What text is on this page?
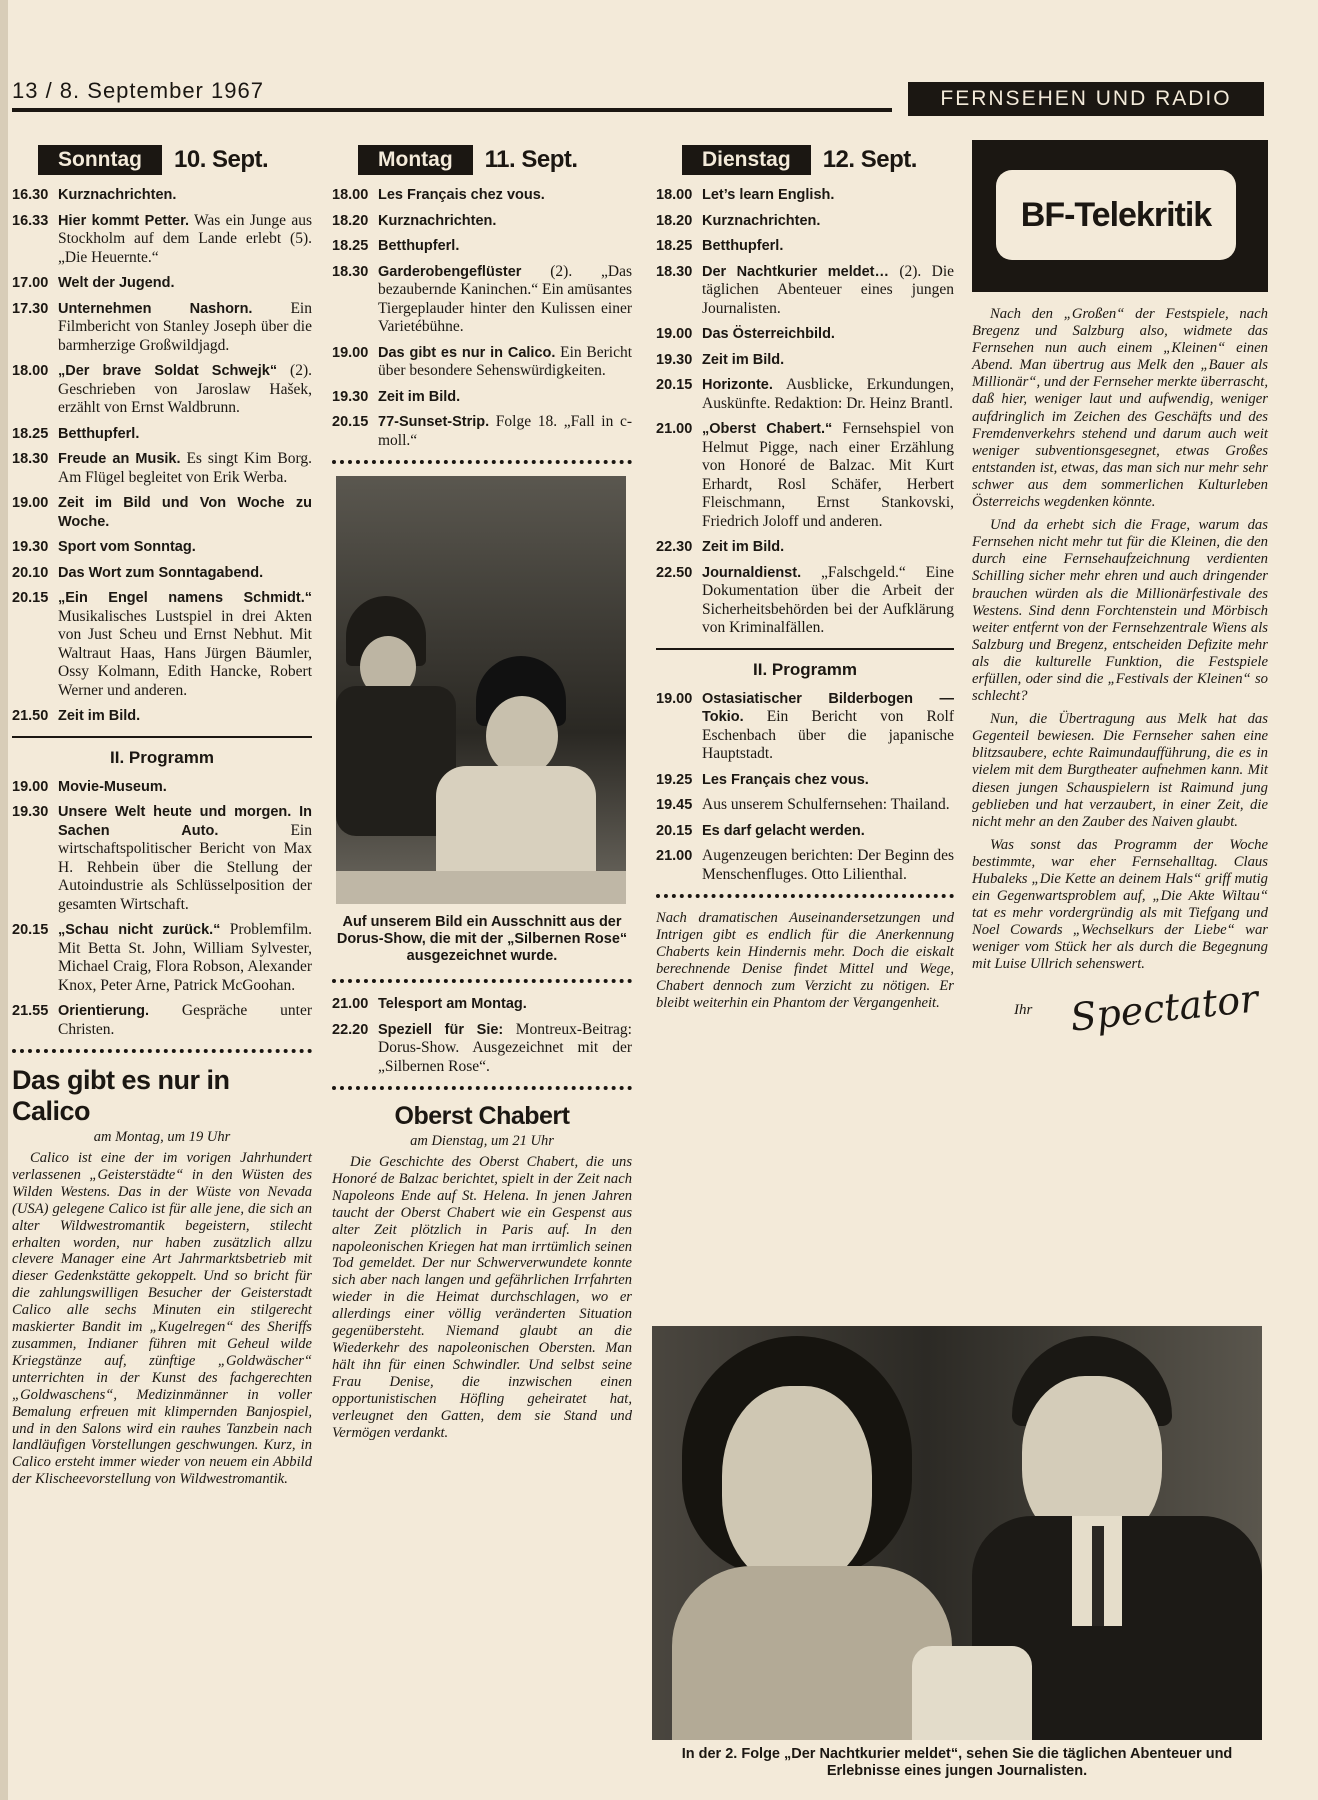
13 / 8. September 1967	FERNSEHEN UND RADIO
Sonntag	10. Sept.
16.30 Kurznachrichten.
16.33 Hier kommt Petter. Was ein Junge aus Stockholm auf dem Lande erlebt (5). „Die Heuernte.“
17.00 Welt der Jugend.
17.30 Unternehmen Nashorn. Ein Filmbericht von Stanley Joseph über die barmherzige Großwildjagd.
18.00 „Der brave Soldat Schwejk“ (2). Geschrieben von Jaroslaw Hašek, erzählt von Ernst Waldbrunn.
18.25 Betthupferl.
18.30 Freude an Musik. Es singt Kim Borg. Am Flügel begleitet von Erik Werba.
19.00 Zeit im Bild und Von Woche zu Woche.
19.30 Sport vom Sonntag.
20.10 Das Wort zum Sonntagabend.
20.15 „Ein Engel namens Schmidt.“ Musikalisches Lustspiel in drei Akten von Just Scheu und Ernst Nebhut. Mit Waltraut Haas, Hans Jürgen Bäumler, Ossy Kolmann, Edith Hancke, Robert Werner und anderen.
21.50 Zeit im Bild.
II. Programm
19.00 Movie-Museum.
19.30 Unsere Welt heute und morgen. In Sachen Auto.	Ein wirtschaftspolitischer Bericht von Max H. Rehbein über die Stellung der Autoindustrie als Schlüsselposition der gesamten Wirtschaft.
20.15 „Schau nicht zurück.“ Problemfilm. Mit Betta St. John, William Sylvester, Michael Craig, Flora Robson, Alexander Knox, Peter Arne, Patrick McGoohan.
21.55 Orientierung. Gespräche unter Christen.
Das gibt es nur in Calico
am Montag, um 19 Uhr

Calico ist eine der im vorigen Jahrhundert verlassenen „Geisterstädte“ in den Wüsten des Wilden Westens. Das in der Wüste von Nevada (USA) gelegene Calico ist für alle jene, die sich an alter Wildwestromantik begeistern, stilecht erhalten worden, nur haben zusätzlich allzu clevere Manager eine Art Jahrmarktsbetrieb mit dieser Gedenkstätte gekoppelt. Und so bricht für die zahlungswilligen Besucher der Geisterstadt Calico alle sechs Minuten ein stilgerecht maskierter Bandit im „Kugelregen“ des Sheriffs zusammen, Indianer führen mit Geheul wilde Kriegstänze auf, zünftige „Goldwäscher“ unterrichten in der Kunst des fachgerechten „Goldwaschens“, Medizinmänner in voller Bemalung erfreuen mit klimpernden Banjospiel, und in den Salons wird ein rauhes Tanzbein nach landläufigen Vorstellungen geschwungen. Kurz, in Calico ersteht immer wieder von neuem ein Abbild der Klischeevorstellung von Wildwestromantik.

Montag	11. Sept.
18.00 Les Français chez vous.
18.20 Kurznachrichten.
18.25 Betthupferl.
18.30 Garderobengeflüster (2). „Das bezaubernde Kaninchen.“ Ein amüsantes Tiergeplauder hinter den Kulissen einer Varietébühne.
19.00 Das gibt es nur in Calico. Ein Bericht über besondere Sehenswürdigkeiten.
19.30 Zeit im Bild.
20.15 77-Sunset-Strip. Folge 18. „Fall in c-moll.“
Auf unserem Bild ein Ausschnitt aus der Dorus-Show, die mit der „Silbernen Rose“ ausgezeichnet wurde.
21.00 Telesport am Montag.
22.20 Speziell für Sie: Montreux-Beitrag: Dorus-Show. Ausgezeichnet mit der „Silbernen Rose“.
Oberst Chabert
am Dienstag, um 21 Uhr

Die Geschichte des Oberst Chabert, die uns Honoré de Balzac berichtet, spielt in der Zeit nach Napoleons Ende auf St. Helena. In jenen Jahren taucht der Oberst Chabert wie ein Gespenst aus alter Zeit plötzlich in Paris auf. In den napoleonischen Kriegen hat man irrtümlich seinen Tod gemeldet. Der nur Schwerverwundete konnte sich aber nach langen und gefährlichen Irrfahrten wieder in die Heimat durchschlagen, wo er allerdings einer völlig veränderten Situation gegenübersteht. Niemand glaubt an die Wiederkehr des napoleonischen Obersten. Man hält ihn für einen Schwindler. Und selbst seine Frau Denise, die inzwischen einen opportunistischen Höfling geheiratet hat, verleugnet den Gatten, dem sie Stand und Vermögen verdankt.

Dienstag	12. Sept.
18.00 Let’s learn English.
18.20 Kurznachrichten.
18.25 Betthupferl.
18.30 Der Nachtkurier meldet… (2). Die täglichen Abenteuer eines jungen Journalisten.
19.00 Das Österreichbild.
19.30 Zeit im Bild.
20.15 Horizonte. Ausblicke, Erkundungen, Auskünfte. Redaktion: Dr. Heinz Brantl.
21.00 „Oberst Chabert.“ Fernsehspiel von Helmut Pigge, nach einer Erzählung von Honoré de Balzac. Mit Kurt Erhardt, Rosl Schäfer, Herbert Fleischmann, Ernst Stankovski, Friedrich Joloff und anderen.
22.30 Zeit im Bild.
22.50 Journaldienst. „Falschgeld.“ Eine Dokumentation über die Arbeit der Sicherheitsbehörden bei der Aufklärung von Kriminalfällen.
II. Programm
19.00 Ostasiatischer Bilderbogen — Tokio. Ein Bericht von Rolf Eschenbach über die japanische Hauptstadt.
19.25 Les Français chez vous.
19.45 Aus unserem Schulfernsehen: Thailand.
20.15 Es darf gelacht werden.
21.00 Augenzeugen berichten: Der Beginn des Menschenfluges. Otto Lilienthal.

Nach dramatischen Auseinandersetzungen und Intrigen gibt es endlich für die Anerkennung Chaberts kein Hindernis mehr. Doch die eiskalt berechnende Denise findet Mittel und Wege, Chabert dennoch zum Verzicht zu nötigen. Er bleibt weiterhin ein Phantom der Vergangenheit.

BF-Telekritik

Nach den „Großen“ der Festspiele, nach Bregenz und Salzburg also, widmete das Fernsehen nun auch einem „Kleinen“ einen Abend. Man übertrug aus Melk den „Bauer als Millionär“, und der Fernseher merkte überrascht, daß hier, weniger laut und aufwendig, weniger aufdringlich im Zeichen des Geschäfts und des Fremdenverkehrs stehend und darum auch weit weniger subventionsgesegnet, etwas Großes entstanden ist, etwas, das man sich nur mehr sehr schwer aus dem sommerlichen Kulturleben Österreichs wegdenken könnte.

Und da erhebt sich die Frage, warum das Fernsehen nicht mehr tut für die Kleinen, die den durch eine Fernsehaufzeichnung verdienten Schilling sicher mehr ehren und auch dringender brauchen würden als die Millionärfestivale des Westens. Sind denn Forchtenstein und Mörbisch weiter entfernt von der Fernsehzentrale Wiens als Salzburg und Bregenz, entscheiden Defizite mehr als die kulturelle Funktion, die Festspiele erfüllen, oder sind die „Festivals der Kleinen“ so schlecht?

Nun, die Übertragung aus Melk hat das Gegenteil bewiesen. Die Fernseher sahen eine blitzsaubere, echte Raimundaufführung, die es in vielem mit dem Burgtheater aufnehmen kann. Mit diesen jungen Schauspielern ist Raimund jung geblieben und hat verzaubert, in einer Zeit, die nicht mehr an den Zauber des Naiven glaubt.

Was sonst das Programm der Woche bestimmte, war eher Fernsehalltag. Claus Hubaleks „Die Kette an deinem Hals“ griff mutig ein Gegenwartsproblem auf, „Die Akte Wiltau“ tat es mehr vordergründig als mit Tiefgang und Noel Cowards „Wechselkurs der Liebe“ war weniger vom Stück her als durch die Begegnung mit Luise Ullrich sehenswert.

Ihr Spectator
In der 2. Folge „Der Nachtkurier meldet“, sehen Sie die täglichen Abenteuer und Erlebnisse eines jungen Journalisten.
